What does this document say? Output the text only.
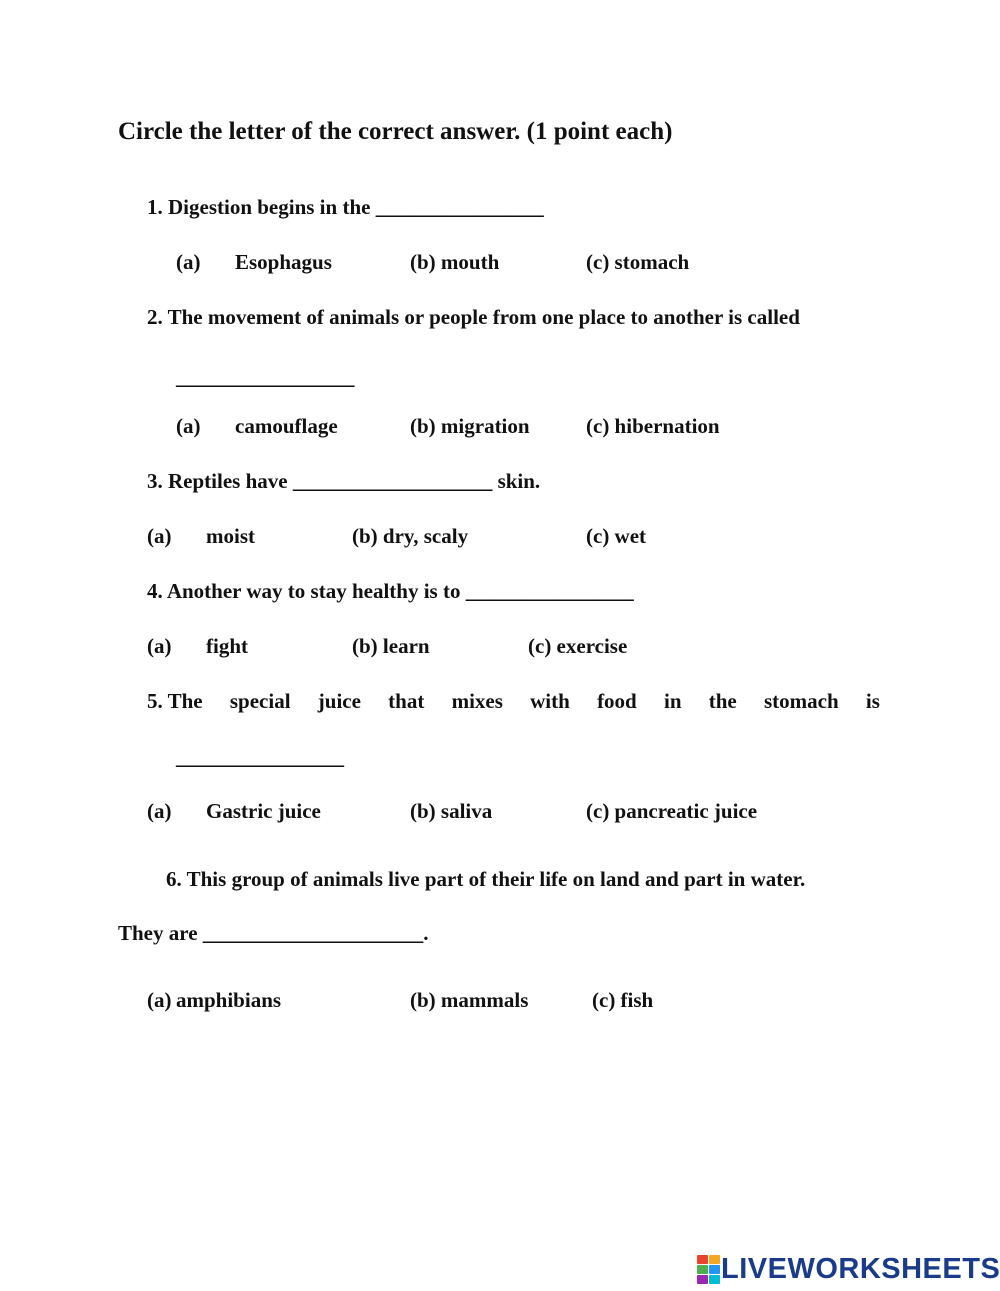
Circle the letter of the correct answer. (1 point each)
1. Digestion begins in the ________________
(a) Esophagus	(b) mouth	(c) stomach
2. The movement of animals or people from one place to another is called
_________________
(a) camouflage	(b) migration	(c) hibernation
3. Reptiles have ___________________ skin.
(a) moist	(b) dry, scaly	(c) wet
4. Another way to stay healthy is to ________________
(a) fight	(b) learn	(c) exercise
5. The special juice that mixes with food in the stomach is
________________
(a) Gastric juice	(b) saliva	(c) pancreatic juice
6. This group of animals live part of their life on land and part in water.
They are _____________________.
(a) amphibians	(b) mammals	(c) fish
LIVEWORKSHEETS
